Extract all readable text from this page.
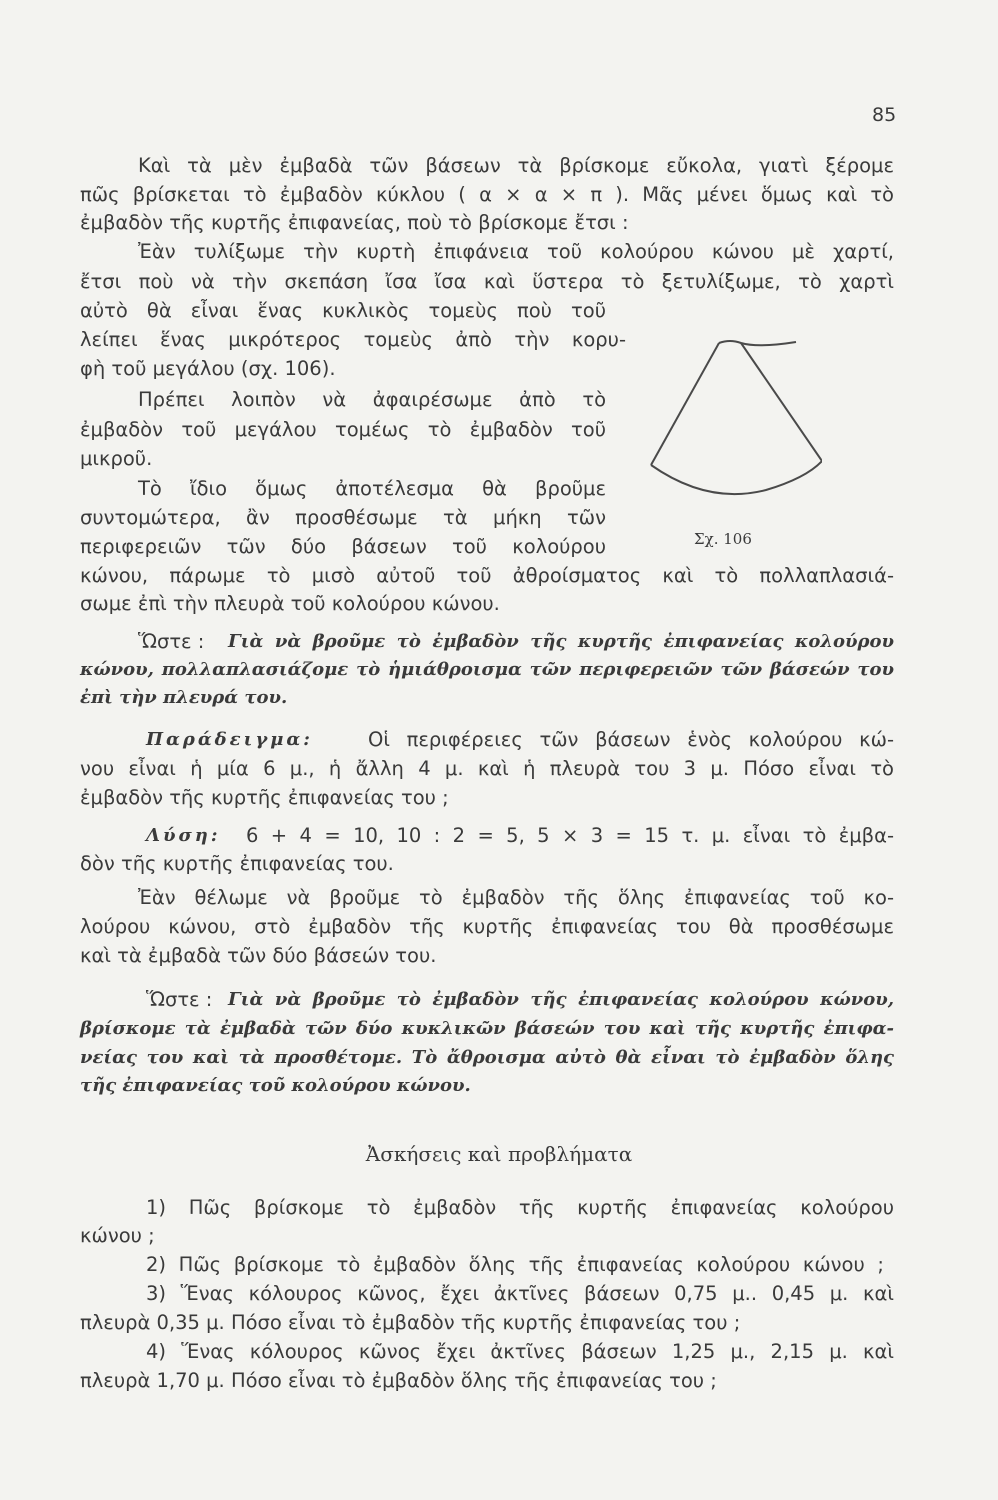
85
Καὶ τὰ μὲν ἐμβαδὰ τῶν βάσεων τὰ βρίσκομε εὔκολα, γιατὶ ξέρομε
πῶς βρίσκεται τὸ ἐμβαδὸν κύκλου ( α × α × π ). Μᾶς μένει ὅμως καὶ τὸ
ἐμβαδὸν τῆς κυρτῆς ἐπιφανείας, ποὺ τὸ βρίσκομε ἔτσι :
Ἐὰν τυλίξωμε τὴν κυρτὴ ἐπιφάνεια τοῦ κολούρου κώνου μὲ χαρτί,
ἔτσι ποὺ νὰ τὴν σκεπάση ἴσα ἴσα καὶ ὕστερα τὸ ξετυλίξωμε, τὸ χαρτὶ
αὐτὸ θὰ εἶναι ἕνας κυκλικὸς τομεὺς ποὺ τοῦ
λείπει ἕνας μικρότερος τομεὺς ἀπὸ τὴν κορυ-
φὴ τοῦ μεγάλου (σχ. 106).
Πρέπει λοιπὸν νὰ ἀφαιρέσωμε ἀπὸ τὸ
ἐμβαδὸν τοῦ μεγάλου τομέως τὸ ἐμβαδὸν τοῦ
μικροῦ.
Σχ. 106
Τὸ ἴδιο ὅμως ἀποτέλεσμα θὰ βροῦμε
συντομώτερα, ἂν προσθέσωμε τὰ μήκη τῶν
περιφερειῶν τῶν δύο βάσεων τοῦ κολούρου
κώνου, πάρωμε τὸ μισὸ αὐτοῦ τοῦ ἀθροίσματος καὶ τὸ πολλαπλασιά-
σωμε ἐπὶ τὴν πλευρὰ τοῦ κολούρου κώνου.
Ὥστε : Γιὰ νὰ βροῦμε τὸ ἐμβαδὸν τῆς κυρτῆς ἐπιφανείας κολούρου
κώνου, πολλαπλασιάζομε τὸ ἡμιάθροισμα τῶν περιφερειῶν τῶν βάσεών του
ἐπὶ τὴν πλευρά του.
Παράδειγμα:	Οἱ περιφέρειες τῶν βάσεων ἑνὸς κολούρου κώ-
νου εἶναι ἡ μία 6 μ., ἡ ἄλλη 4 μ. καὶ ἡ πλευρὰ του 3 μ. Πόσο εἶναι τὸ
ἐμβαδὸν τῆς κυρτῆς ἐπιφανείας του ;
Λύση: 6 + 4 = 10, 10 : 2 = 5, 5 × 3 = 15 τ. μ. εἶναι τὸ ἐμβα-
δὸν τῆς κυρτῆς ἐπιφανείας του.
Ἐὰν θέλωμε νὰ βροῦμε τὸ ἐμβαδὸν τῆς ὅλης ἐπιφανείας τοῦ κο-
λούρου κώνου, στὸ ἐμβαδὸν τῆς κυρτῆς ἐπιφανείας του θὰ προσθέσωμε
καὶ τὰ ἐμβαδὰ τῶν δύο βάσεών του.
Ὥστε : Γιὰ νὰ βροῦμε τὸ ἐμβαδὸν τῆς ἐπιφανείας κολούρου κώνου,
βρίσκομε τὰ ἐμβαδὰ τῶν δύο κυκλικῶν βάσεών του καὶ τῆς κυρτῆς ἐπιφα-
νείας του καὶ τὰ προσθέτομε. Τὸ ἄθροισμα αὐτὸ θὰ εἶναι τὸ ἐμβαδὸν ὅλης
τῆς ἐπιφανείας τοῦ κολούρου κώνου.
Ἀσκήσεις καὶ προβλήματα
1) Πῶς βρίσκομε τὸ ἐμβαδὸν τῆς κυρτῆς ἐπιφανείας κολούρου
κώνου ;
2) Πῶς βρίσκομε τὸ ἐμβαδὸν ὅλης τῆς ἐπιφανείας κολούρου κώνου ;
3) Ἕνας κόλουρος κῶνος, ἔχει ἀκτῖνες βάσεων 0,75 μ.. 0,45 μ. καὶ
πλευρὰ 0,35 μ. Πόσο εἶναι τὸ ἐμβαδὸν τῆς κυρτῆς ἐπιφανείας του ;
4) Ἕνας κόλουρος κῶνος ἔχει ἀκτῖνες βάσεων 1,25 μ., 2,15 μ. καὶ
πλευρὰ 1,70 μ. Πόσο εἶναι τὸ ἐμβαδὸν ὅλης τῆς ἐπιφανείας του ;
